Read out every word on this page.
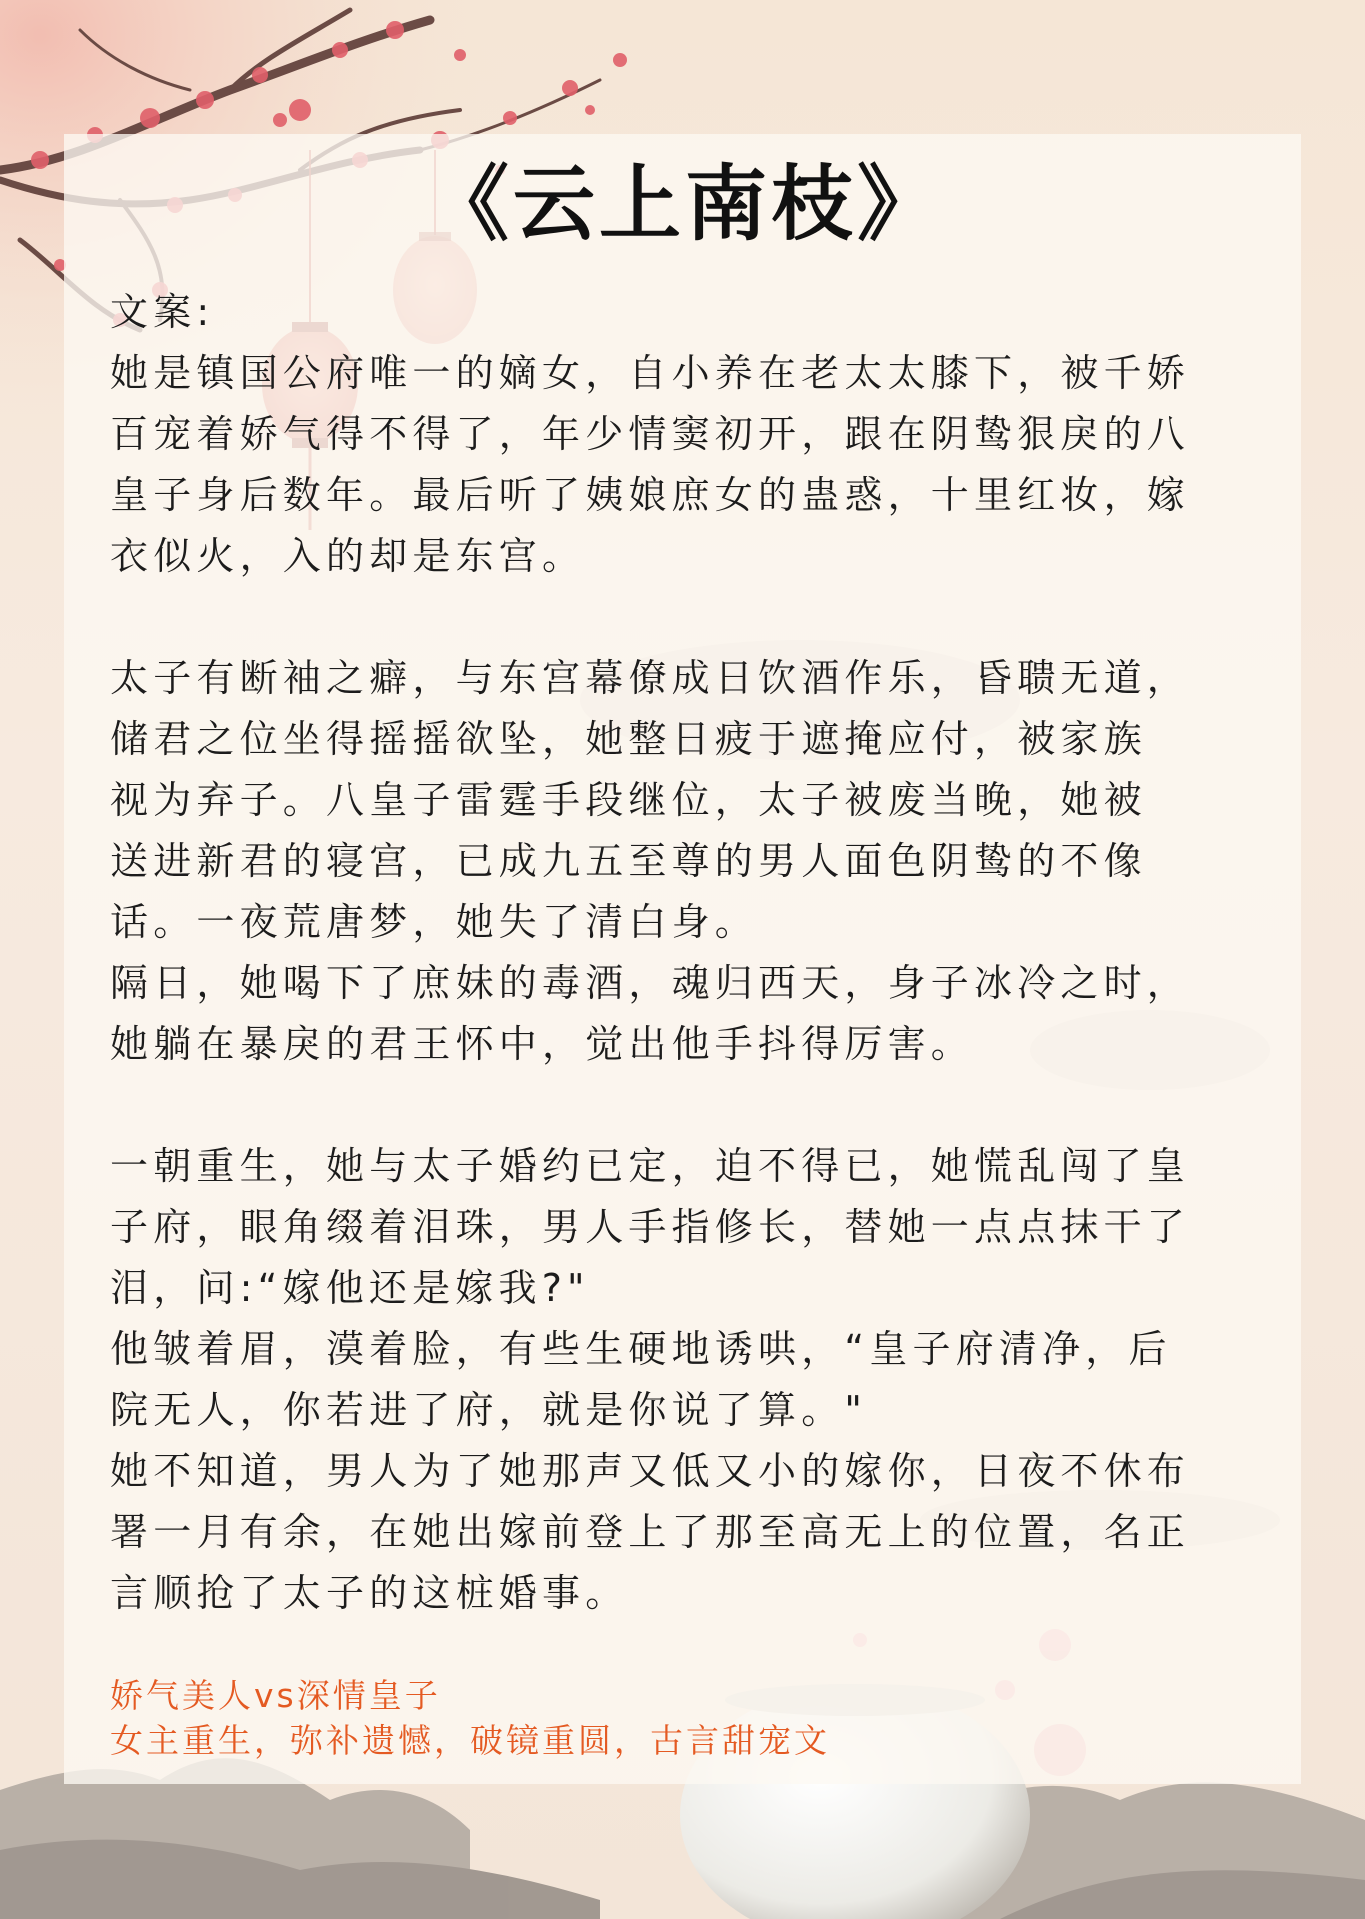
《云上南枝》
文案:
她是镇国公府唯一的嫡女，自小养在老太太膝下，被千娇
百宠着娇气得不得了，年少情窦初开，跟在阴鸷狠戾的八
皇子身后数年。最后听了姨娘庶女的蛊惑，十里红妆，嫁
衣似火，入的却是东宫。
太子有断袖之癖，与东宫幕僚成日饮酒作乐，昏聩无道，
储君之位坐得摇摇欲坠，她整日疲于遮掩应付，被家族
视为弃子。八皇子雷霆手段继位，太子被废当晚，她被
送进新君的寝宫，已成九五至尊的男人面色阴鸷的不像
话。一夜荒唐梦，她失了清白身。
隔日，她喝下了庶妹的毒酒，魂归西天，身子冰冷之时，
她躺在暴戾的君王怀中，觉出他手抖得厉害。
一朝重生，她与太子婚约已定，迫不得已，她慌乱闯了皇
子府，眼角缀着泪珠，男人手指修长，替她一点点抹干了
泪，问:“嫁他还是嫁我?"
他皱着眉，漠着脸，有些生硬地诱哄，“皇子府清净，后
院无人，你若进了府，就是你说了算。"
她不知道，男人为了她那声又低又小的嫁你，日夜不休布
署一月有余，在她出嫁前登上了那至高无上的位置，名正
言顺抢了太子的这桩婚事。
娇气美人vs深情皇子
女主重生，弥补遗憾，破镜重圆，古言甜宠文
